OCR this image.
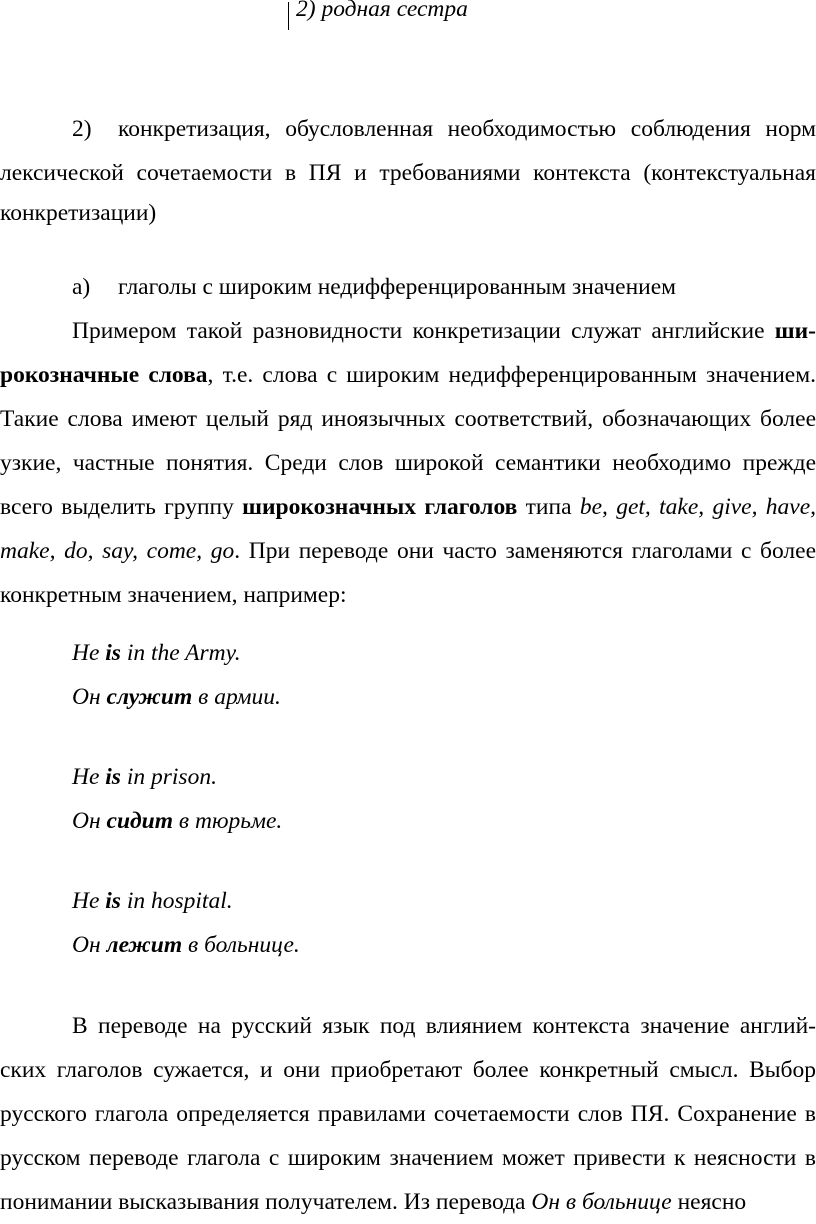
2) родная сестра
2) конкретизация, обусловленная необходимостью соблюдения норм
лексической сочетаемости в ПЯ и требованиями контекста (контекстуальная
конкретизации)
а) глаголы с широким недифференцированным значением
Примером такой разновидности конкретизации служат английские ши-
рокозначные слова, т.е. слова с широким недифференцированным значением.
Такие слова имеют целый ряд иноязычных соответствий, обозначающих более
узкие, частные понятия. Среди слов широкой семантики необходимо прежде
всего выделить группу широкозначных глаголов типа be, get, take, give, have,
make, do, say, come, go. При переводе они часто заменяются глаголами с более
конкретным значением, например:
He is in the Army.
Он служит в армии.
He is in prison.
Он сидит в тюрьме.
He is in hospital.
Он лежит в больнице.
В переводе на русский язык под влиянием контекста значение англий-
ских глаголов сужается, и они приобретают более конкретный смысл. Выбор
русского глагола определяется правилами сочетаемости слов ПЯ. Сохранение в
русском переводе глагола с широким значением может привести к неясности в
понимании высказывания получателем. Из перевода Он в больнице неясно
